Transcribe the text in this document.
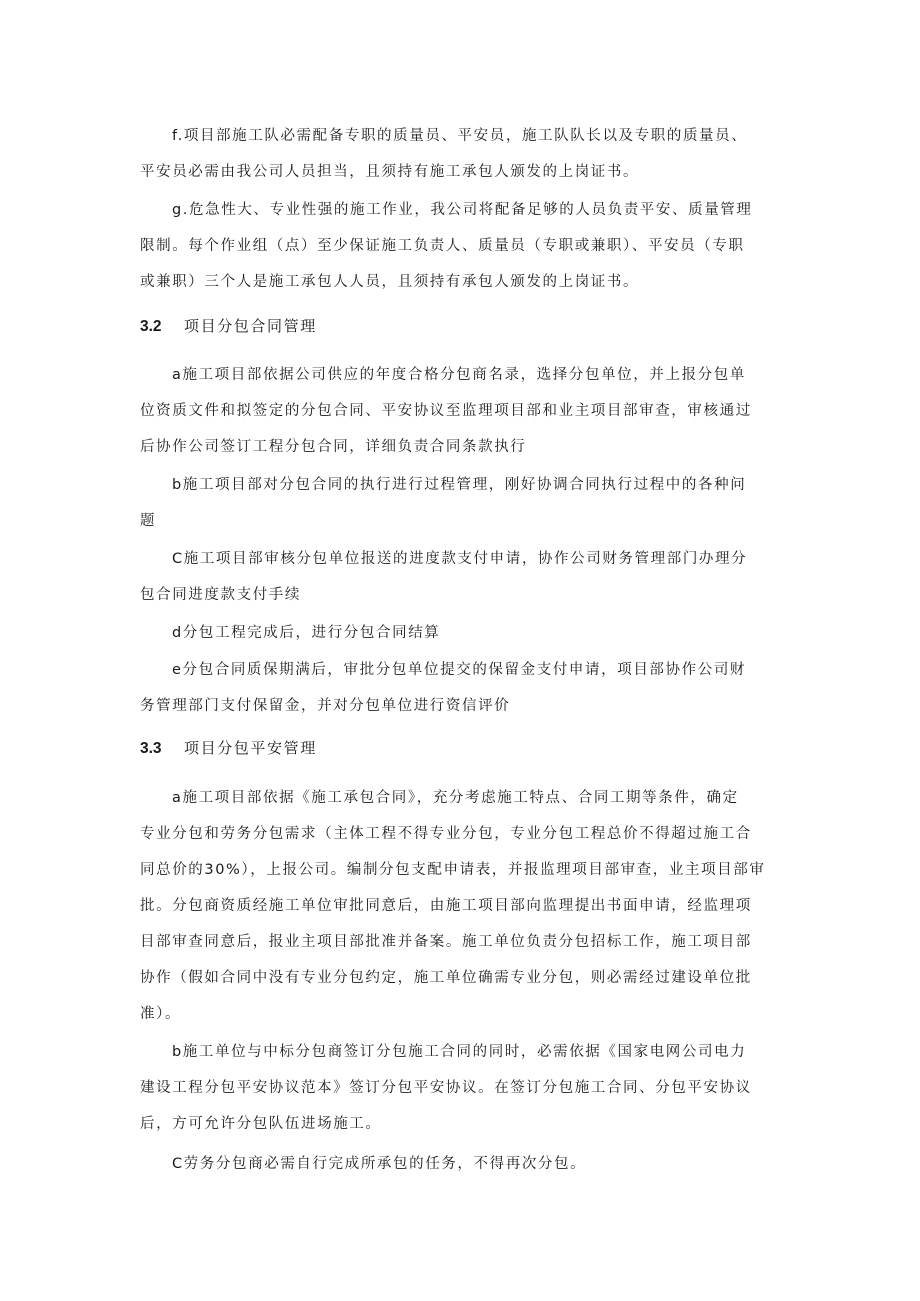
f.项目部施工队必需配备专职的质量员、平安员，施工队队长以及专职的质量员、
平安员必需由我公司人员担当，且须持有施工承包人颁发的上岗证书。
g.危急性大、专业性强的施工作业，我公司将配备足够的人员负责平安、质量管理
限制。每个作业组（点）至少保证施工负责人、质量员（专职或兼职）、平安员（专职
或兼职）三个人是施工承包人人员，且须持有承包人颁发的上岗证书。
3.2 项目分包合同管理
a施工项目部依据公司供应的年度合格分包商名录，选择分包单位，并上报分包单
位资质文件和拟签定的分包合同、平安协议至监理项目部和业主项目部审查，审核通过
后协作公司签订工程分包合同，详细负责合同条款执行
b施工项目部对分包合同的执行进行过程管理，刚好协调合同执行过程中的各种问
题
C施工项目部审核分包单位报送的进度款支付申请，协作公司财务管理部门办理分
包合同进度款支付手续
d分包工程完成后，进行分包合同结算
e分包合同质保期满后，审批分包单位提交的保留金支付申请，项目部协作公司财
务管理部门支付保留金，并对分包单位进行资信评价
3.3 项目分包平安管理
a施工项目部依据《施工承包合同》，充分考虑施工特点、合同工期等条件，确定
专业分包和劳务分包需求（主体工程不得专业分包，专业分包工程总价不得超过施工合
同总价的30%），上报公司。编制分包支配申请表，并报监理项目部审查，业主项目部审
批。分包商资质经施工单位审批同意后，由施工项目部向监理提出书面申请，经监理项
目部审查同意后，报业主项目部批准并备案。施工单位负责分包招标工作，施工项目部
协作（假如合同中没有专业分包约定，施工单位确需专业分包，则必需经过建设单位批
准）。
b施工单位与中标分包商签订分包施工合同的同时，必需依据《国家电网公司电力
建设工程分包平安协议范本》签订分包平安协议。在签订分包施工合同、分包平安协议
后，方可允许分包队伍进场施工。
C劳务分包商必需自行完成所承包的任务，不得再次分包。
